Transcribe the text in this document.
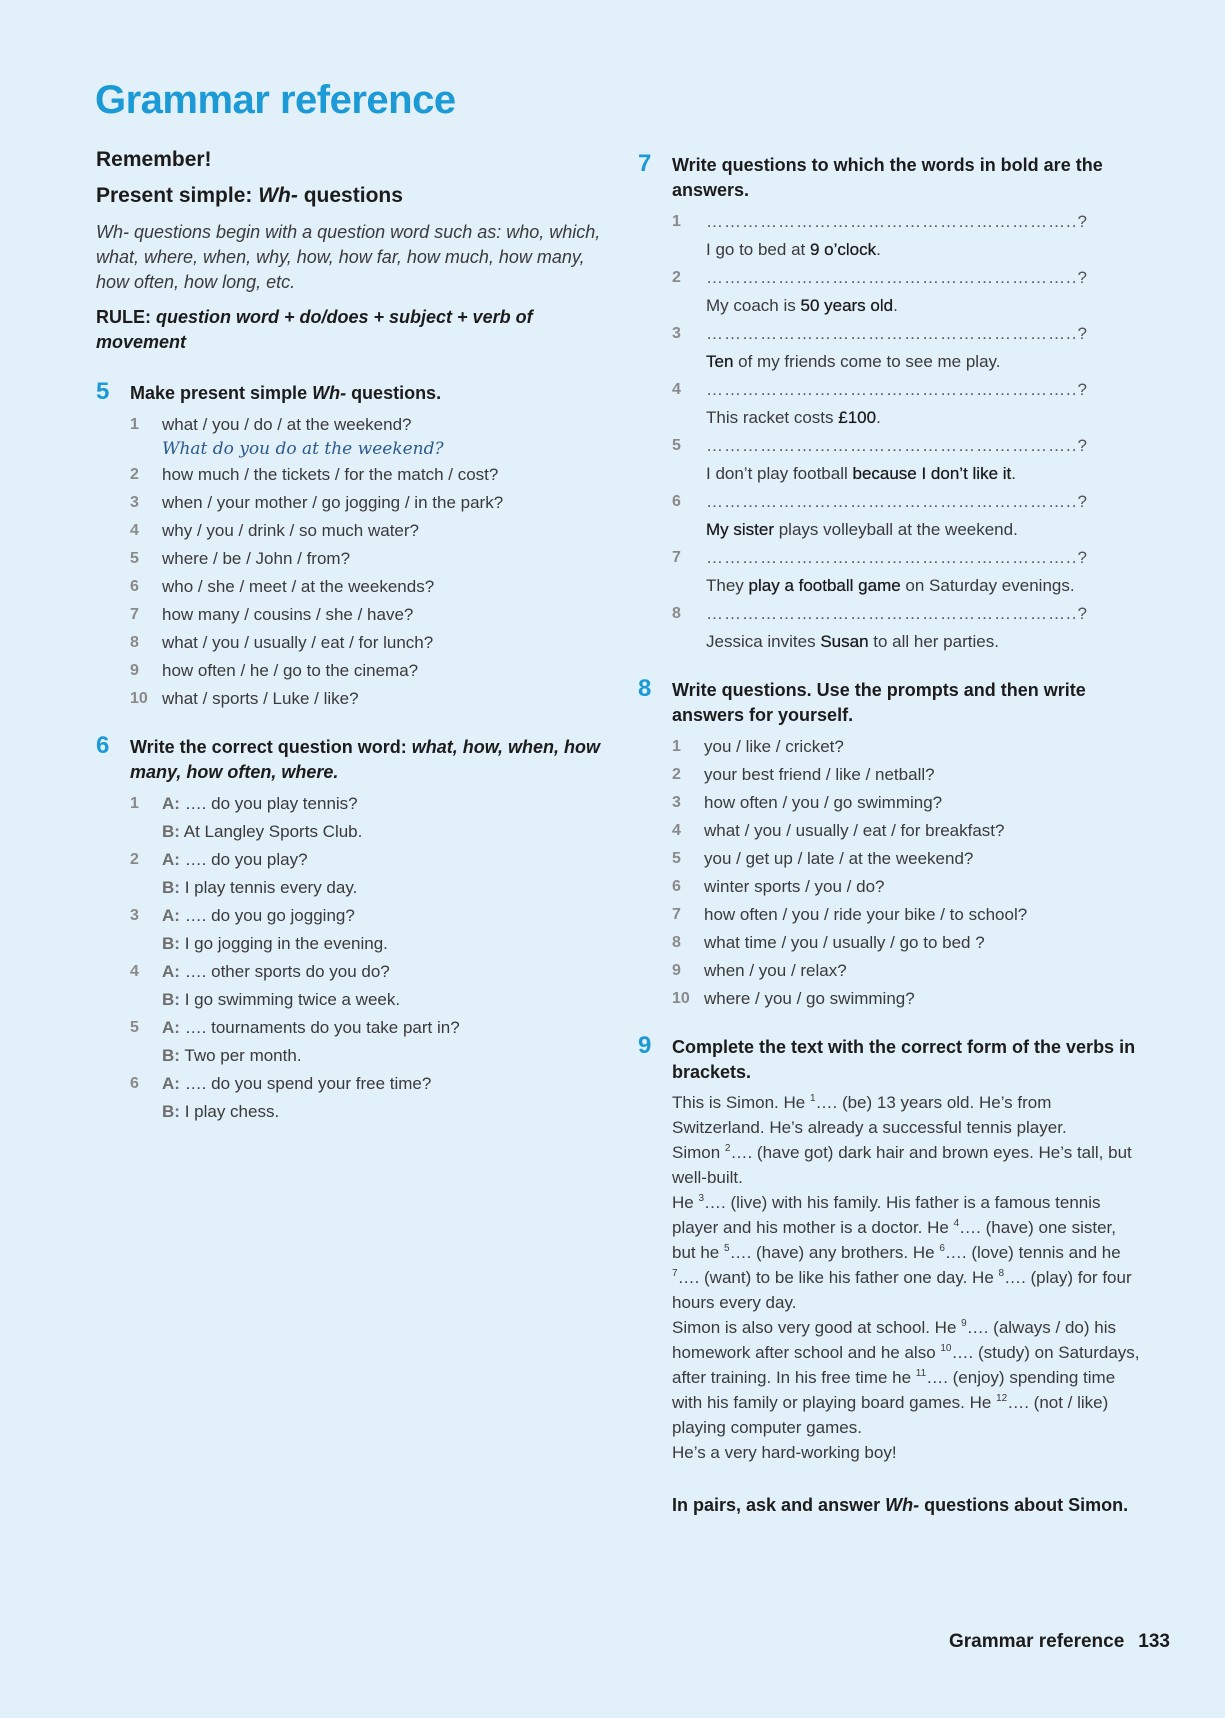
Grammar reference
Remember!
Present simple: Wh- questions
Wh- questions begin with a question word such as: who, which, what, where, when, why, how, how far, how much, how many, how often, how long, etc.
RULE: question word + do/does + subject + verb of movement
5 Make present simple Wh- questions.
1	what / you / do / at the weekend?
What do you do at the weekend?
2	how much / the tickets / for the match / cost?
3	when / your mother / go jogging / in the park?
4	why / you / drink / so much water?
5	where / be / John / from?
6	who / she / meet / at the weekends?
7	how many / cousins / she / have?
8	what / you / usually / eat / for lunch?
9	how often / he / go to the cinema?
10 what / sports / Luke / like?
6 Write the correct question word: what, how, when, how many, how often, where.
1 A: …. do you play tennis?
B: At Langley Sports Club.
2 A: …. do you play?
B: I play tennis every day.
3 A: …. do you go jogging?
B: I go jogging in the evening.
4 A: …. other sports do you do?
B: I go swimming twice a week.
5 A: …. tournaments do you take part in?
B: Two per month.
6 A: …. do you spend your free time?
B: I play chess.
7 Write questions to which the words in bold are the answers.
1 ……………………………………………………..?
I go to bed at 9 o’clock.
2 ……………………………………………………..?
My coach is 50 years old.
3 ……………………………………………………..?
Ten of my friends come to see me play.
4 ……………………………………………………..?
This racket costs £100.
5 ……………………………………………………..?
I don’t play football because I don’t like it.
6 ……………………………………………………..?
My sister plays volleyball at the weekend.
7 ……………………………………………………..?
They play a football game on Saturday evenings.
8 ……………………………………………………..?
Jessica invites Susan to all her parties.
8 Write questions. Use the prompts and then write answers for yourself.
1	you / like / cricket?
2	your best friend / like / netball?
3	how often / you / go swimming?
4	what / you / usually / eat / for breakfast?
5	you / get up / late / at the weekend?
6	winter sports / you / do?
7	how often / you / ride your bike / to school?
8	what time / you / usually / go to bed ?
9	when / you / relax?
10 where / you / go swimming?
9 Complete the text with the correct form of the verbs in brackets.
This is Simon. He $^1$…. (be) 13 years old. He’s from Switzerland. He’s already a successful tennis player.
Simon $^2$…. (have got) dark hair and brown eyes. He’s tall, but well-built.
He $^3$…. (live) with his family. His father is a famous tennis player and his mother is a doctor. He $^4$…. (have) one sister, but he $^5$…. (have) any brothers. He $^6$…. (love) tennis and he $^7$…. (want) to be like his father one day. He $^8$…. (play) for four hours every day.
Simon is also very good at school. He $^9$…. (always / do) his homework after school and he also $^{10}$…. (study) on Saturdays, after training. In his free time he $^{11}$…. (enjoy) spending time with his family or playing board games. He $^{12}$…. (not / like) playing computer games.
He’s a very hard-working boy!
In pairs, ask and answer Wh- questions about Simon.
Grammar reference 133
